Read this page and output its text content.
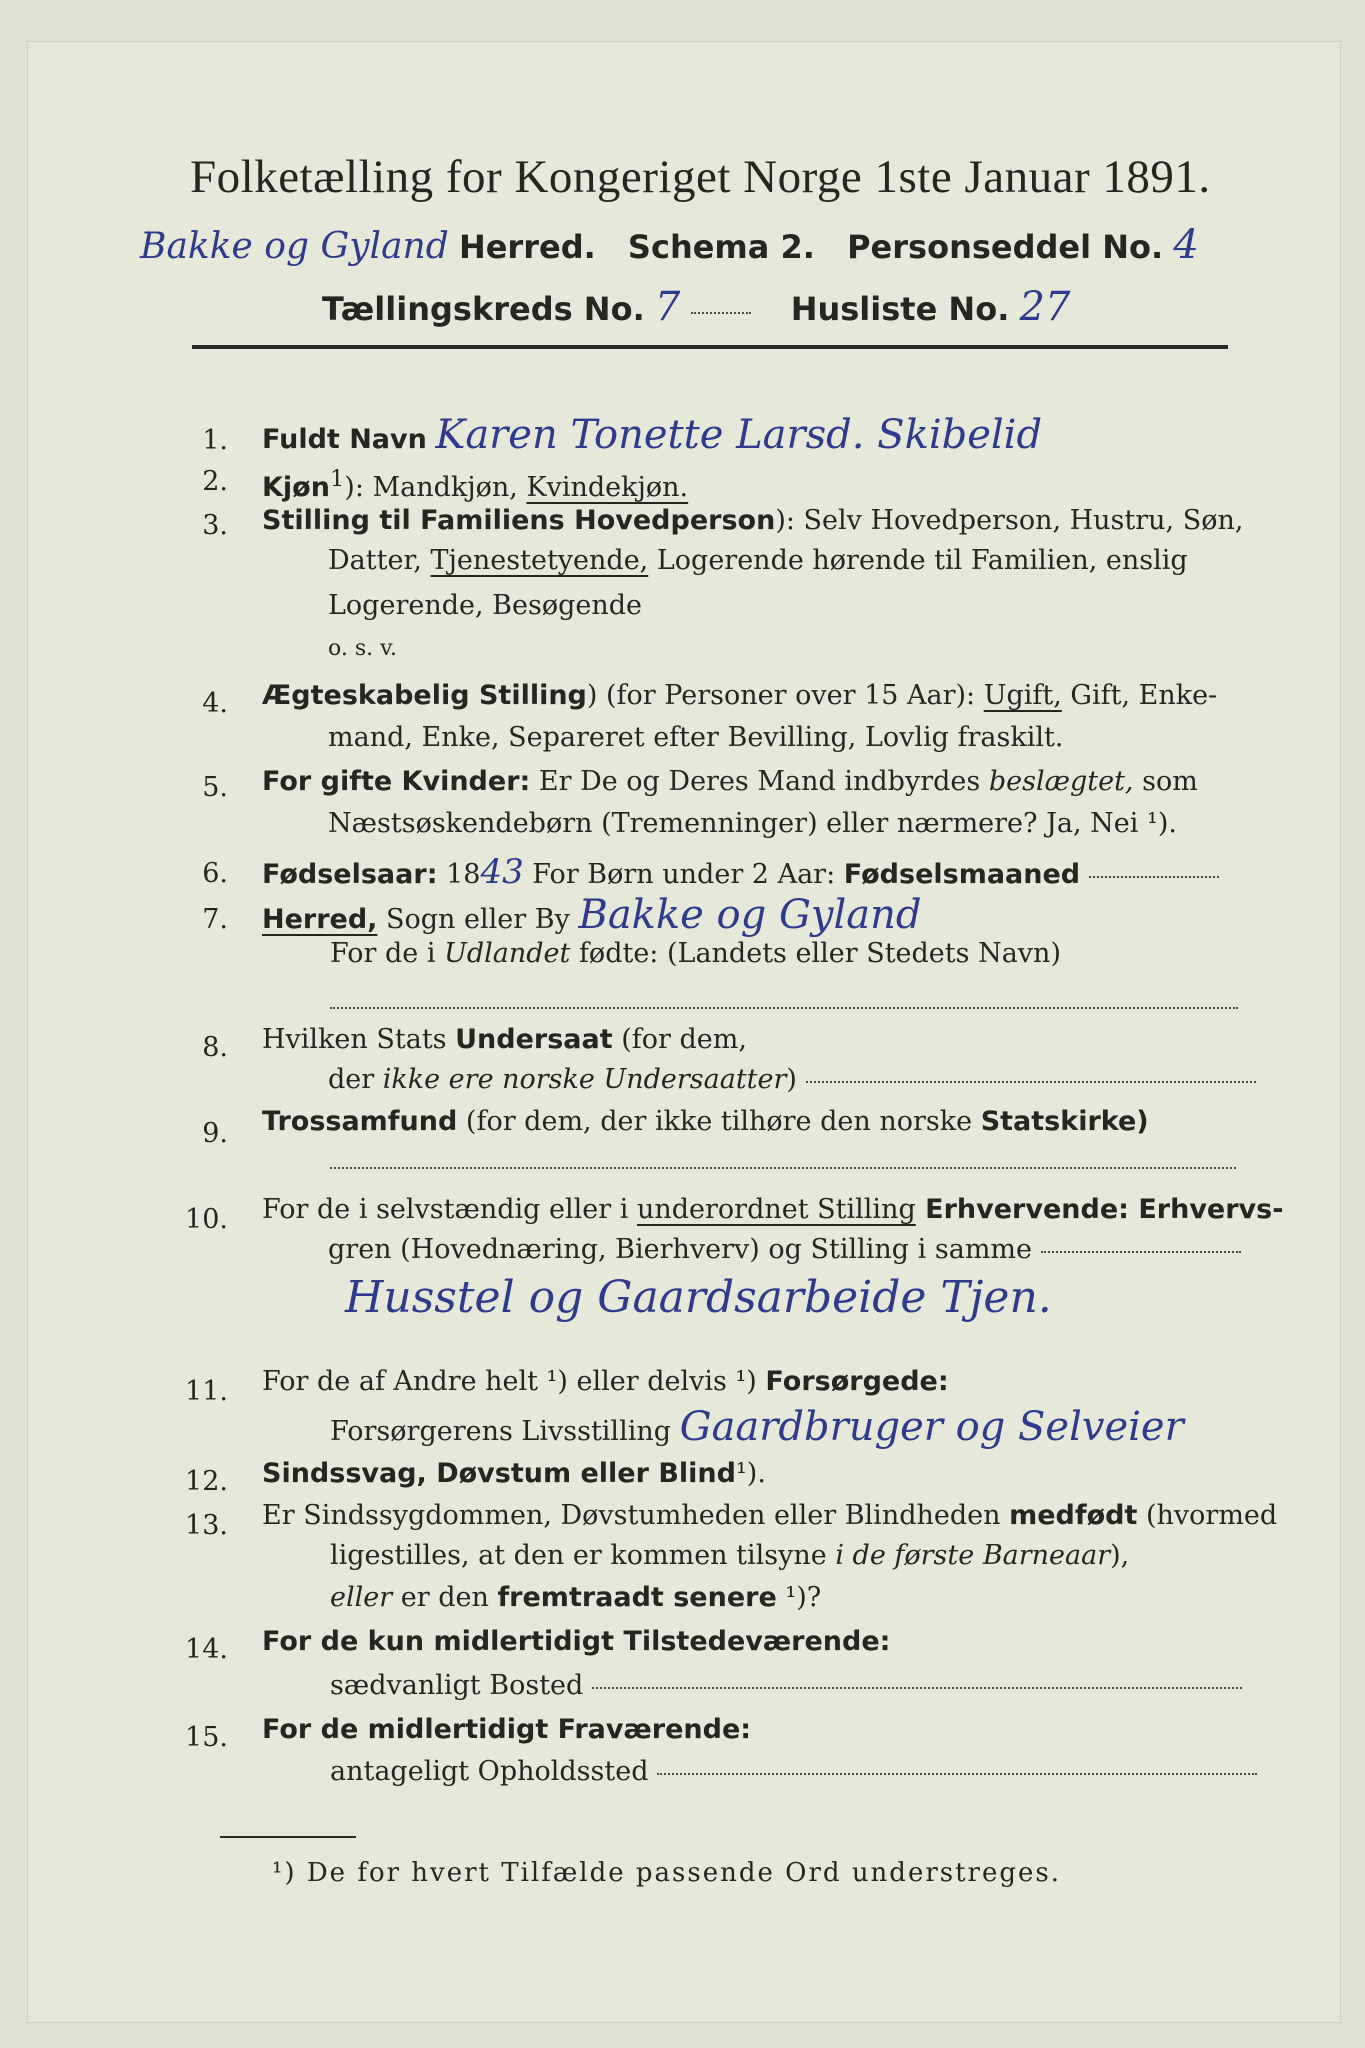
Folketælling for Kongeriget Norge 1ste Januar 1891.
Bakke og Gyland Herred. Schema 2. Personseddel No. 4
Tællingskreds No. 7	Husliste No. 27
1. Fuldt Navn Karen Tonette Larsd. Skibelid
2. Kjøn$^1$): Mandkjøn, Kvindekjøn.
3. Stilling til Familiens Hovedperson): Selv Hovedperson, Hustru, Søn,
Datter, Tjenestetyende, Logerende hørende til Familien, enslig
Logerende, Besøgende
o. s. v.
4. Ægteskabelig Stilling) (for Personer over 15 Aar): Ugift, Gift, Enke-
mand, Enke, Separeret efter Bevilling, Lovlig fraskilt.
5. For gifte Kvinder: Er De og Deres Mand indbyrdes beslægtet, som
Næstsøskendebørn (Tremenninger) eller nærmere? Ja, Nei ¹).
6. Fødselsaar: 1843 For Børn under 2 Aar: Fødselsmaaned
7. Herred, Sogn eller By Bakke og Gyland
For de i Udlandet fødte: (Landets eller Stedets Navn)
8. Hvilken Stats Undersaat (for dem,
der ikke ere norske Undersaatter)
9. Trossamfund (for dem, der ikke tilhøre den norske Statskirke)
10. For de i selvstændig eller i underordnet Stilling Erhvervende: Erhvervs-
gren (Hovednæring, Bierhverv) og Stilling i samme
Husstel og Gaardsarbeide Tjen.
11. For de af Andre helt ¹) eller delvis ¹) Forsørgede:
Forsørgerens Livsstilling Gaardbruger og Selveier
12. Sindssvag, Døvstum eller Blind¹).
13. Er Sindssygdommen, Døvstumheden eller Blindheden medfødt (hvormed
ligestilles, at den er kommen tilsyne i de første Barneaar),
eller er den fremtraadt senere ¹)?
14. For de kun midlertidigt Tilstedeværende:
sædvanligt Bosted
15. For de midlertidigt Fraværende:
antageligt Opholdssted
¹) De for hvert Tilfælde passende Ord understreges.
